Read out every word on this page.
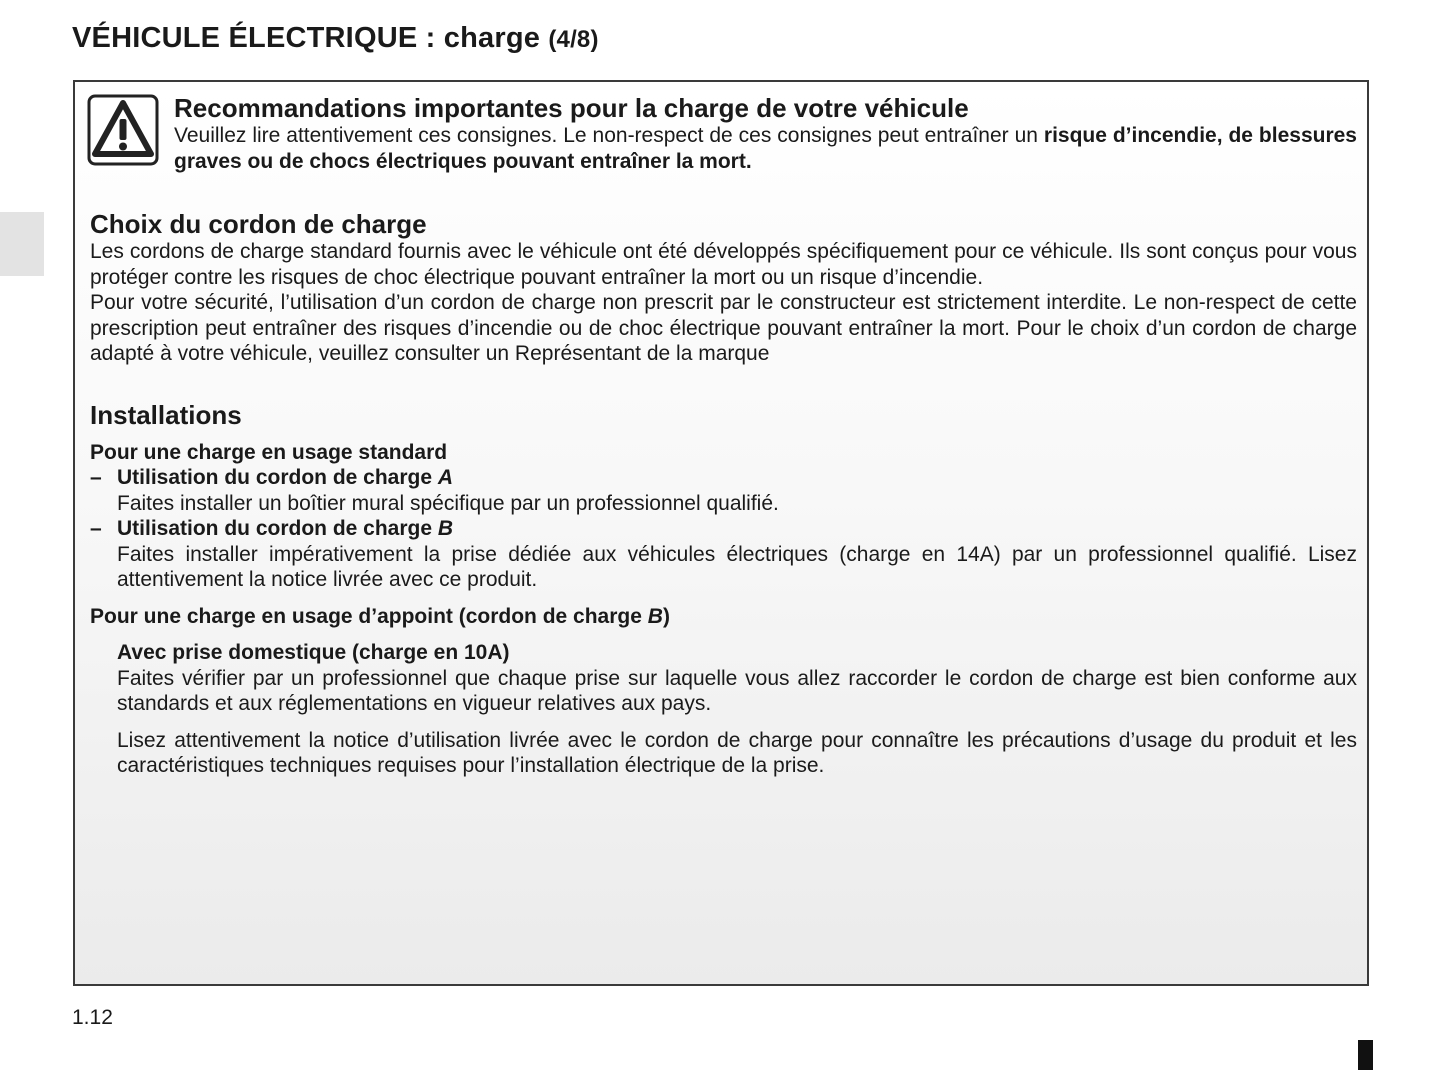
VÉHICULE ÉLECTRIQUE : charge (4/8)
Recommandations importantes pour la charge de votre véhicule
Veuillez lire attentivement ces consignes. Le non-respect de ces consignes peut entraîner un risque d’incendie, de blessures graves ou de chocs électriques pouvant entraîner la mort.
Choix du cordon de charge
Les cordons de charge standard fournis avec le véhicule ont été développés spécifiquement pour ce véhicule. Ils sont conçus pour vous protéger contre les risques de choc électrique pouvant entraîner la mort ou un risque d’incendie.
Pour votre sécurité, l’utilisation d’un cordon de charge non prescrit par le constructeur est strictement interdite. Le non-respect de cette prescription peut entraîner des risques d’incendie ou de choc électrique pouvant entraîner la mort. Pour le choix d’un cordon de charge adapté à votre véhicule, veuillez consulter un Représentant de la marque
Installations
Pour une charge en usage standard
– Utilisation du cordon de charge A
Faites installer un boîtier mural spécifique par un professionnel qualifié.
– Utilisation du cordon de charge B
Faites installer impérativement la prise dédiée aux véhicules électriques (charge en 14A) par un professionnel qualifié. Lisez attentivement la notice livrée avec ce produit.
Pour une charge en usage d’appoint (cordon de charge B)
Avec prise domestique (charge en 10A)
Faites vérifier par un professionnel que chaque prise sur laquelle vous allez raccorder le cordon de charge est bien conforme aux standards et aux réglementations en vigueur relatives aux pays.
Lisez attentivement la notice d’utilisation livrée avec le cordon de charge pour connaître les précautions d’usage du produit et les caractéristiques techniques requises pour l’installation électrique de la prise.
1.12
